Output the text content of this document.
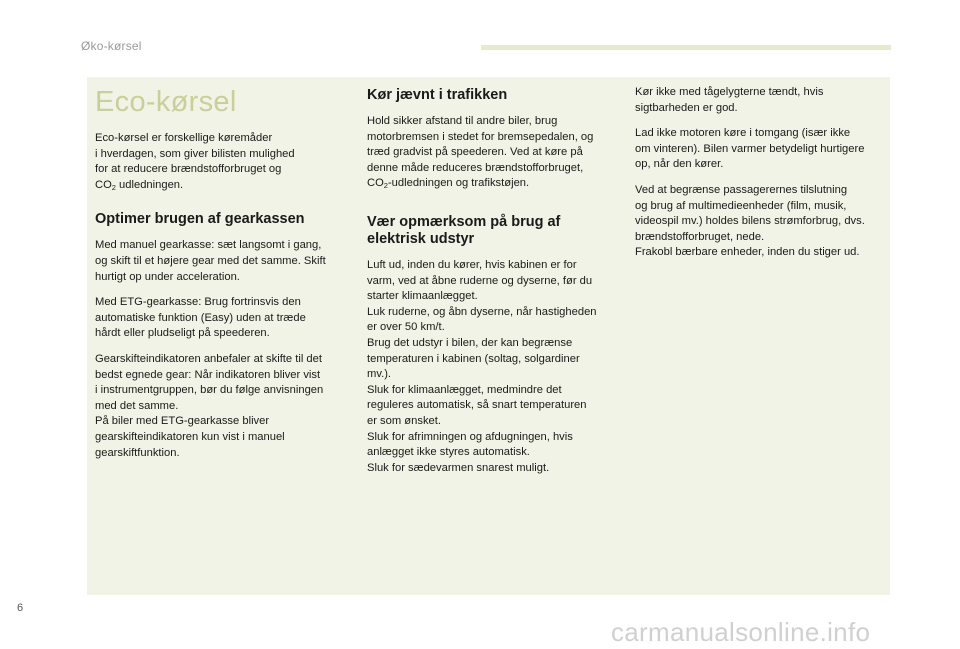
Øko-kørsel
Eco-kørsel

Eco-kørsel er forskellige køremåder
i hverdagen, som giver bilisten mulighed
for at reducere brændstofforbruget og
$CO_2$ udledningen.

Optimer brugen af gearkassen

Med manuel gearkasse: sæt langsomt i gang,
og skift til et højere gear med det samme. Skift
hurtigt op under acceleration.

Med ETG-gearkasse: Brug fortrinsvis den
automatiske funktion (Easy) uden at træde
hårdt eller pludseligt på speederen.

Gearskifteindikatoren anbefaler at skifte til det
bedst egnede gear: Når indikatoren bliver vist
i instrumentgruppen, bør du følge anvisningen
med det samme.
På biler med ETG-gearkasse bliver
gearskifteindikatoren kun vist i manuel
gearskiftfunktion.

Kør jævnt i trafikken

Hold sikker afstand til andre biler, brug
motorbremsen i stedet for bremsepedalen, og
træd gradvist på speederen. Ved at køre på
denne måde reduceres brændstofforbruget,
$CO_2$-udledningen og trafikstøjen.

Vær opmærksom på brug af
elektrisk udstyr

Luft ud, inden du kører, hvis kabinen er for
varm, ved at åbne ruderne og dyserne, før du
starter klimaanlægget.
Luk ruderne, og åbn dyserne, når hastigheden
er over 50 km/t.
Brug det udstyr i bilen, der kan begrænse
temperaturen i kabinen (soltag, solgardiner
mv.).
Sluk for klimaanlægget, medmindre det
reguleres automatisk, så snart temperaturen
er som ønsket.
Sluk for afrimningen og afdugningen, hvis
anlægget ikke styres automatisk.
Sluk for sædevarmen snarest muligt.

Kør ikke med tågelygterne tændt, hvis
sigtbarheden er god.

Lad ikke motoren køre i tomgang (især ikke
om vinteren). Bilen varmer betydeligt hurtigere
op, når den kører.

Ved at begrænse passagerernes tilslutning
og brug af multimedieenheder (film, musik,
videospil mv.) holdes bilens strømforbrug, dvs.
brændstofforbruget, nede.
Frakobl bærbare enheder, inden du stiger ud.

6
carmanualsonline.info
